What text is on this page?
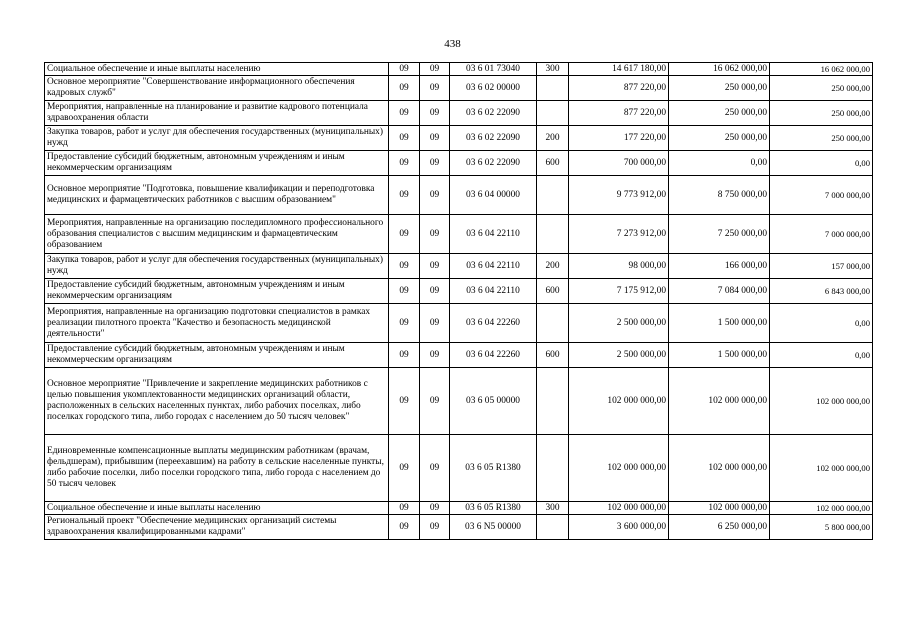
438
Социальное обеспечение и иные выплаты населению	09	09	03 6 01 73040	300	14 617 180,00	16 062 000,00	16 062 000,00
Основное мероприятие "Совершенствование информационного обеспечения кадровых служб"	09	09	03 6 02 00000		877 220,00	250 000,00	250 000,00
Мероприятия, направленные на планирование и развитие кадрового потенциала здравоохранения области	09	09	03 6 02 22090		877 220,00	250 000,00	250 000,00
Закупка товаров, работ и услуг для обеспечения государственных (муниципальных) нужд	09	09	03 6 02 22090	200	177 220,00	250 000,00	250 000,00
Предоставление субсидий бюджетным, автономным учреждениям и иным некоммерческим организациям	09	09	03 6 02 22090	600	700 000,00	0,00	0,00
Основное мероприятие "Подготовка, повышение квалификации и переподготовка медицинских и фармацевтических работников с высшим образованием"	09	09	03 6 04 00000		9 773 912,00	8 750 000,00	7 000 000,00
Мероприятия, направленные на организацию последипломного профессионального образования специалистов с высшим медицинским и фармацевтическим образованием	09	09	03 6 04 22110		7 273 912,00	7 250 000,00	7 000 000,00
Закупка товаров, работ и услуг для обеспечения государственных (муниципальных) нужд	09	09	03 6 04 22110	200	98 000,00	166 000,00	157 000,00
Предоставление субсидий бюджетным, автономным учреждениям и иным некоммерческим организациям	09	09	03 6 04 22110	600	7 175 912,00	7 084 000,00	6 843 000,00
Мероприятия, направленные на организацию подготовки специалистов в рамках реализации пилотного проекта "Качество и безопасность медицинской деятельности"	09	09	03 6 04 22260		2 500 000,00	1 500 000,00	0,00
Предоставление субсидий бюджетным, автономным учреждениям и иным некоммерческим организациям	09	09	03 6 04 22260	600	2 500 000,00	1 500 000,00	0,00
Основное мероприятие "Привлечение и закрепление медицинских работников с целью повышения укомплектованности медицинских организаций области, расположенных в сельских населенных пунктах, либо рабочих поселках, либо поселках городского типа, либо городах с населением до 50 тысяч человек"	09	09	03 6 05 00000		102 000 000,00	102 000 000,00	102 000 000,00
Единовременные компенсационные выплаты медицинским работникам (врачам, фельдшерам), прибывшим (переехавшим) на работу в сельские населенные пункты, либо рабочие поселки, либо поселки городского типа, либо города с населением до 50 тысяч человек	09	09	03 6 05 R1380		102 000 000,00	102 000 000,00	102 000 000,00
Социальное обеспечение и иные выплаты населению	09	09	03 6 05 R1380	300	102 000 000,00	102 000 000,00	102 000 000,00
Региональный проект "Обеспечение медицинских организаций системы здравоохранения квалифицированными кадрами"	09	09	03 6 N5 00000		3 600 000,00	6 250 000,00	5 800 000,00
